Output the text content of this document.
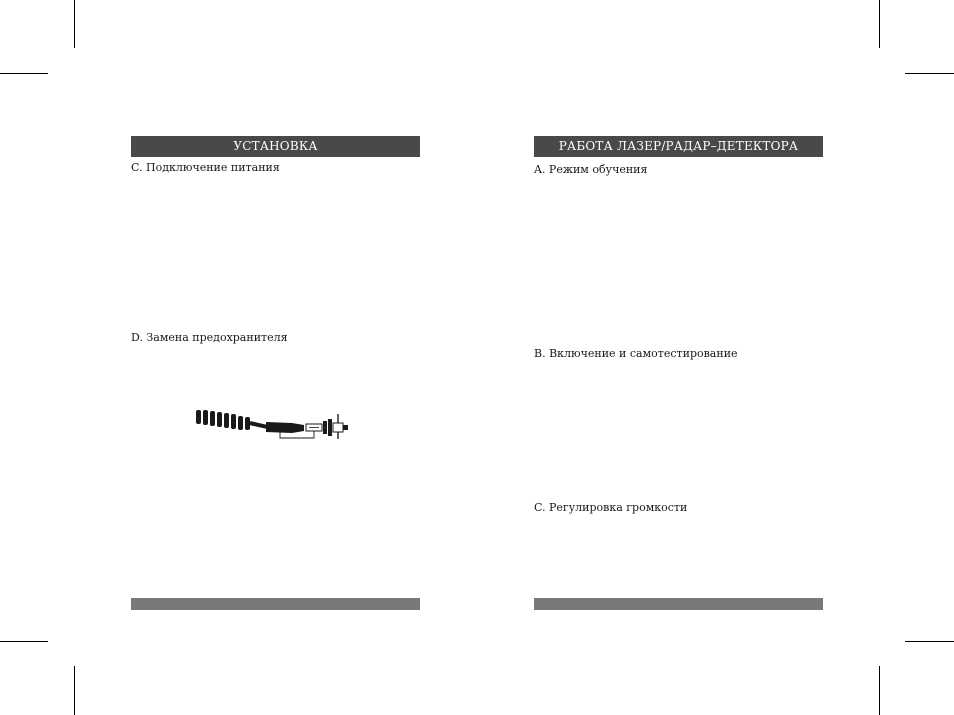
УСТАНОВКА
C. Подключение питания
D. Замена предохранителя
РАБОТА ЛАЗЕР/РАДАР–ДЕТЕКТОРА
A. Режим обучения
B. Включение и самотестирование
C. Регулировка громкости
